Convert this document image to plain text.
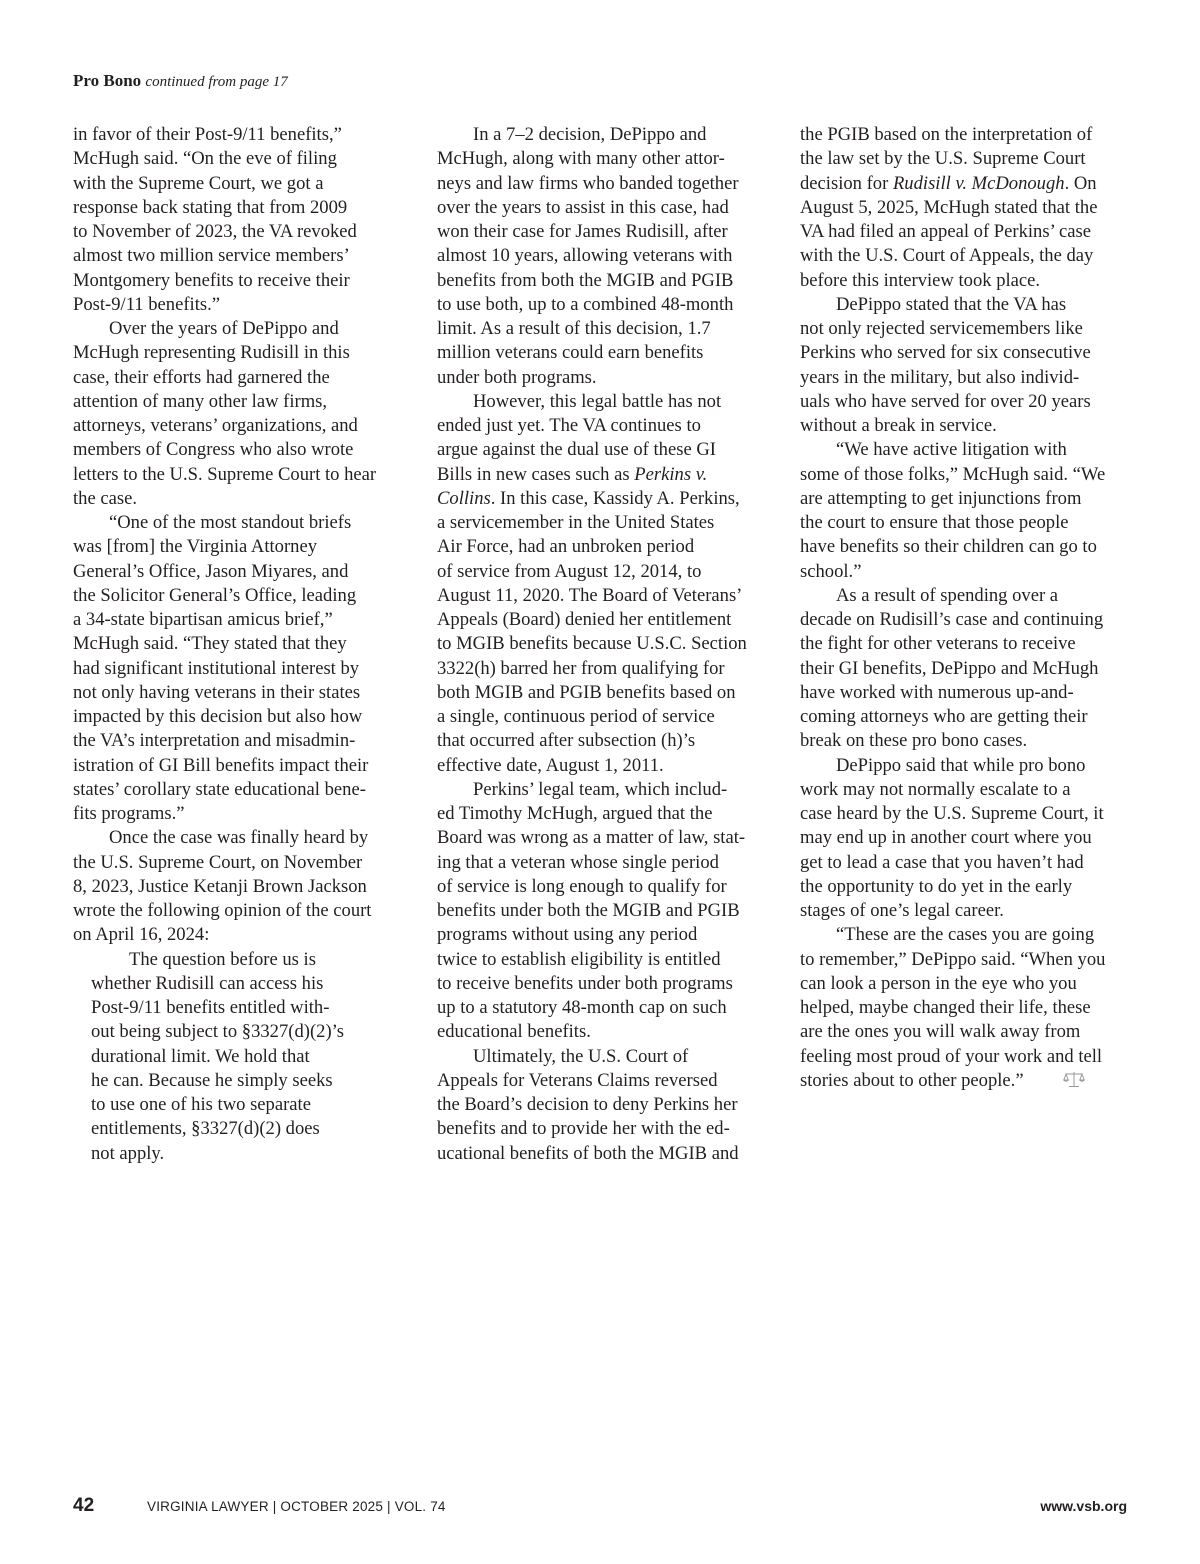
Pro Bono continued from page 17

in favor of their Post-9/11 benefits,”
McHugh said. “On the eve of filing
with the Supreme Court, we got a
response back stating that from 2009
to November of 2023, the VA revoked
almost two million service members’
Montgomery benefits to receive their
Post-9/11 benefits.”

Over the years of DePippo and
McHugh representing Rudisill in this
case, their efforts had garnered the
attention of many other law firms,
attorneys, veterans’ organizations, and
members of Congress who also wrote
letters to the U.S. Supreme Court to hear
the case.

“One of the most standout briefs
was [from] the Virginia Attorney
General’s Office, Jason Miyares, and
the Solicitor General’s Office, leading
a 34-state bipartisan amicus brief,”
McHugh said. “They stated that they
had significant institutional interest by
not only having veterans in their states
impacted by this decision but also how
the VA’s interpretation and misadmin-
istration of GI Bill benefits impact their
states’ corollary state educational bene-
fits programs.”

Once the case was finally heard by
the U.S. Supreme Court, on November
8, 2023, Justice Ketanji Brown Jackson
wrote the following opinion of the court
on April 16, 2024:

The question before us is
whether Rudisill can access his
Post-9/11 benefits entitled with-
out being subject to §3327(d)(2)’s
durational limit. We hold that
he can. Because he simply seeks
to use one of his two separate
entitlements, §3327(d)(2) does
not apply.

In a 7–2 decision, DePippo and
McHugh, along with many other attor-
neys and law firms who banded together
over the years to assist in this case, had
won their case for James Rudisill, after
almost 10 years, allowing veterans with
benefits from both the MGIB and PGIB
to use both, up to a combined 48-month
limit. As a result of this decision, 1.7
million veterans could earn benefits
under both programs.

However, this legal battle has not
ended just yet. The VA continues to
argue against the dual use of these GI
Bills in new cases such as Perkins v.
Collins. In this case, Kassidy A. Perkins,
a servicemember in the United States
Air Force, had an unbroken period
of service from August 12, 2014, to
August 11, 2020. The Board of Veterans’
Appeals (Board) denied her entitlement
to MGIB benefits because U.S.C. Section
3322(h) barred her from qualifying for
both MGIB and PGIB benefits based on
a single, continuous period of service
that occurred after subsection (h)’s
effective date, August 1, 2011.

Perkins’ legal team, which includ-
ed Timothy McHugh, argued that the
Board was wrong as a matter of law, stat-
ing that a veteran whose single period
of service is long enough to qualify for
benefits under both the MGIB and PGIB
programs without using any period
twice to establish eligibility is entitled
to receive benefits under both programs
up to a statutory 48-month cap on such
educational benefits.

Ultimately, the U.S. Court of
Appeals for Veterans Claims reversed
the Board’s decision to deny Perkins her
benefits and to provide her with the ed-
ucational benefits of both the MGIB and

the PGIB based on the interpretation of
the law set by the U.S. Supreme Court
decision for Rudisill v. McDonough. On
August 5, 2025, McHugh stated that the
VA had filed an appeal of Perkins’ case
with the U.S. Court of Appeals, the day
before this interview took place.

DePippo stated that the VA has
not only rejected servicemembers like
Perkins who served for six consecutive
years in the military, but also individ-
uals who have served for over 20 years
without a break in service.

“We have active litigation with
some of those folks,” McHugh said. “We
are attempting to get injunctions from
the court to ensure that those people
have benefits so their children can go to
school.”

As a result of spending over a
decade on Rudisill’s case and continuing
the fight for other veterans to receive
their GI benefits, DePippo and McHugh
have worked with numerous up-and-
coming attorneys who are getting their
break on these pro bono cases.

DePippo said that while pro bono
work may not normally escalate to a
case heard by the U.S. Supreme Court, it
may end up in another court where you
get to lead a case that you haven’t had
the opportunity to do yet in the early
stages of one’s legal career.

“These are the cases you are going
to remember,” DePippo said. “When you
can look a person in the eye who you
helped, maybe changed their life, these
are the ones you will walk away from
feeling most proud of your work and tell
stories about to other people.”

42	VIRGINIA LAWYER | OCTOBER 2025 | VOL. 74	www.vsb.org
